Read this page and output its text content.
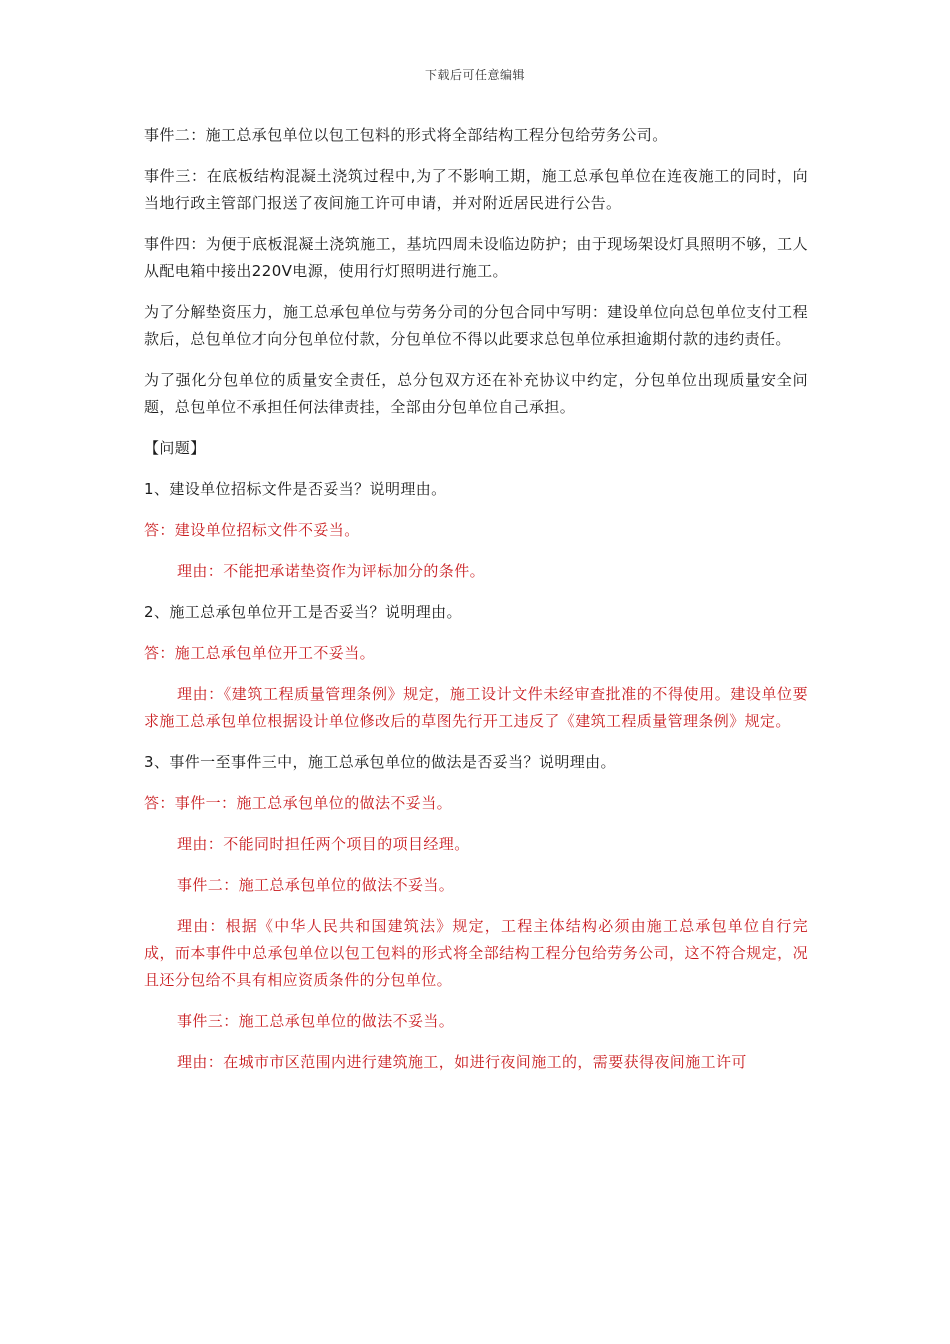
下载后可任意编辑

事件二：施工总承包单位以包工包料的形式将全部结构工程分包给劳务公司。

事件三：在底板结构混凝土浇筑过程中,为了不影响工期，施工总承包单位在连夜施工的同时，向当地行政主管部门报送了夜间施工许可申请，并对附近居民进行公告。

事件四：为便于底板混凝土浇筑施工，基坑四周未设临边防护；由于现场架设灯具照明不够，工人从配电箱中接出220V电源，使用行灯照明进行施工。

为了分解垫资压力，施工总承包单位与劳务分司的分包合同中写明：建设单位向总包单位支付工程款后，总包单位才向分包单位付款，分包单位不得以此要求总包单位承担逾期付款的违约责任。

为了强化分包单位的质量安全责任，总分包双方还在补充协议中约定，分包单位出现质量安全问题，总包单位不承担任何法律责挂，全部由分包单位自己承担。

【问题】

1、建设单位招标文件是否妥当？说明理由。

答：建设单位招标文件不妥当。

理由：不能把承诺垫资作为评标加分的条件。

2、施工总承包单位开工是否妥当？说明理由。

答：施工总承包单位开工不妥当。

理由：《建筑工程质量管理条例》规定，施工设计文件未经审查批准的不得使用。建设单位要求施工总承包单位根据设计单位修改后的草图先行开工违反了《建筑工程质量管理条例》规定。

3、事件一至事件三中，施工总承包单位的做法是否妥当？说明理由。

答：事件一：施工总承包单位的做法不妥当。

理由：不能同时担任两个项目的项目经理。

事件二：施工总承包单位的做法不妥当。

理由：根据《中华人民共和国建筑法》规定，工程主体结构必须由施工总承包单位自行完成，而本事件中总承包单位以包工包料的形式将全部结构工程分包给劳务公司，这不符合规定，况且还分包给不具有相应资质条件的分包单位。

事件三：施工总承包单位的做法不妥当。

理由：在城市市区范围内进行建筑施工，如进行夜间施工的，需要获得夜间施工许可
